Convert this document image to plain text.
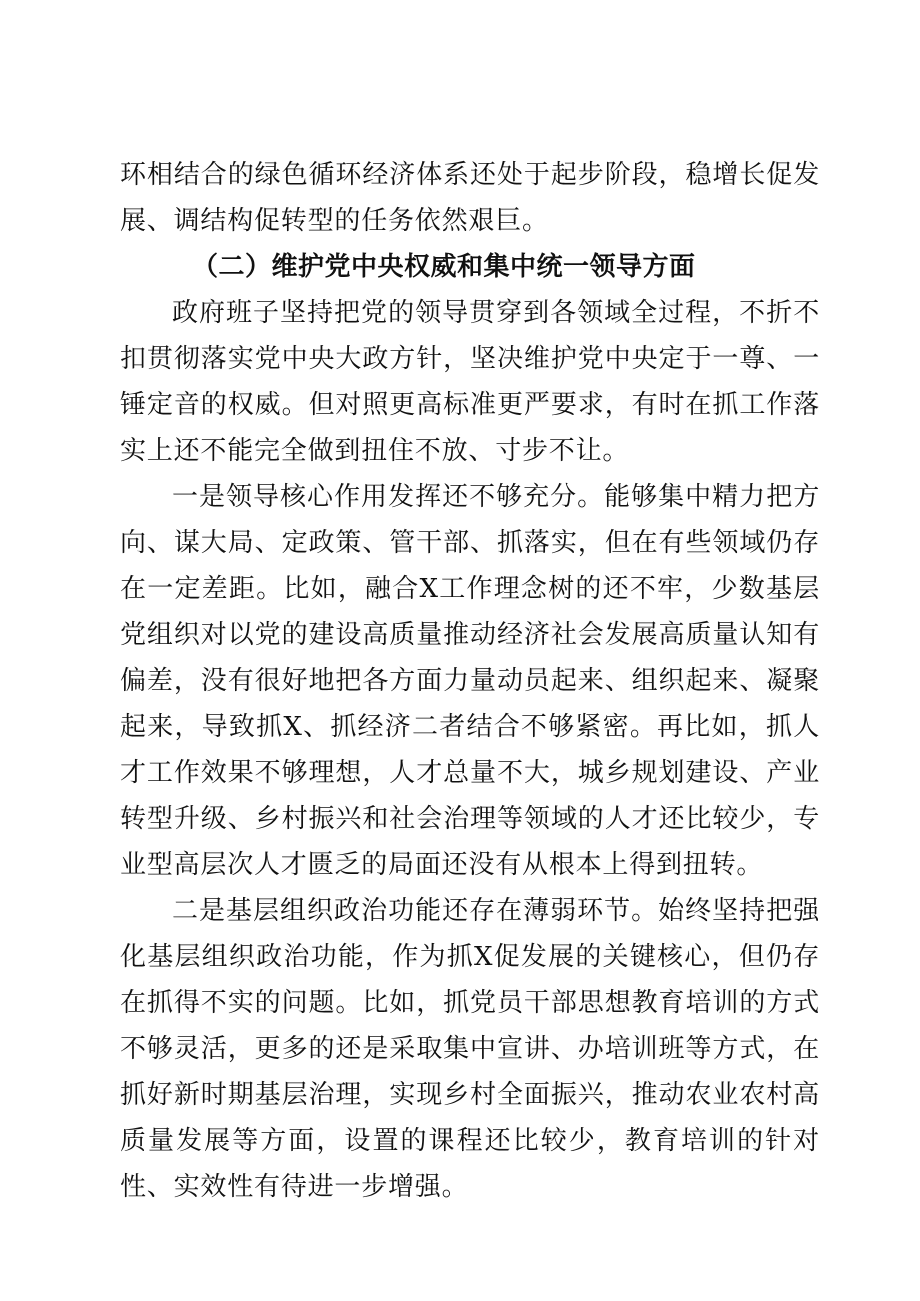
环相结合的绿色循环经济体系还处于起步阶段，稳增长促发展、调结构促转型的任务依然艰巨。

（二）维护党中央权威和集中统一领导方面

政府班子坚持把党的领导贯穿到各领域全过程，不折不扣贯彻落实党中央大政方针，坚决维护党中央定于一尊、一锤定音的权威。但对照更高标准更严要求，有时在抓工作落实上还不能完全做到扭住不放、寸步不让。

一是领导核心作用发挥还不够充分。能够集中精力把方向、谋大局、定政策、管干部、抓落实，但在有些领域仍存在一定差距。比如，融合X工作理念树的还不牢，少数基层党组织对以党的建设高质量推动经济社会发展高质量认知有偏差，没有很好地把各方面力量动员起来、组织起来、凝聚起来，导致抓X、抓经济二者结合不够紧密。再比如，抓人才工作效果不够理想，人才总量不大，城乡规划建设、产业转型升级、乡村振兴和社会治理等领域的人才还比较少，专业型高层次人才匮乏的局面还没有从根本上得到扭转。

二是基层组织政治功能还存在薄弱环节。始终坚持把强化基层组织政治功能，作为抓X促发展的关键核心，但仍存在抓得不实的问题。比如，抓党员干部思想教育培训的方式不够灵活，更多的还是采取集中宣讲、办培训班等方式，在抓好新时期基层治理，实现乡村全面振兴，推动农业农村高质量发展等方面，设置的课程还比较少，教育培训的针对性、实效性有待进一步增强。
